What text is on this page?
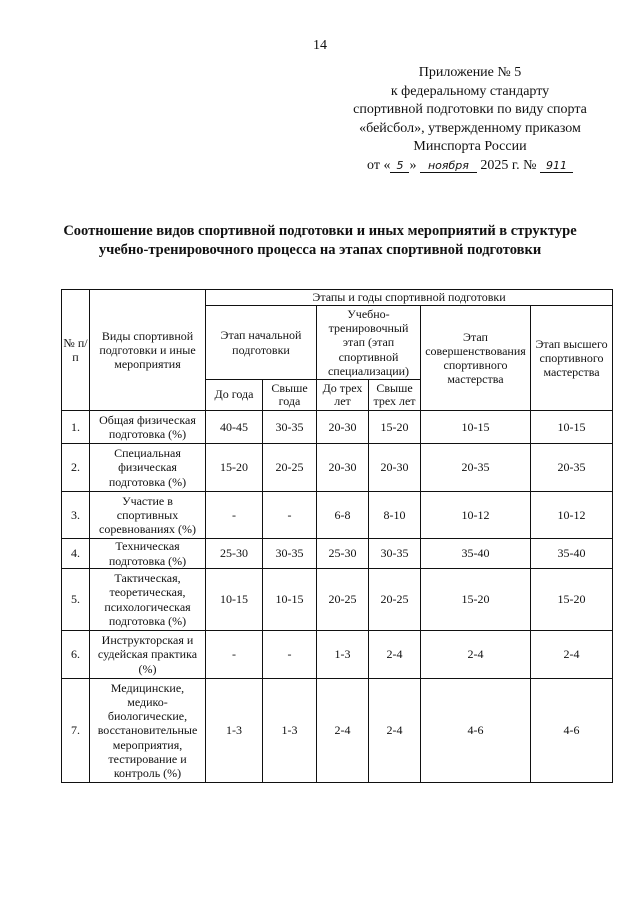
14
Приложение № 5
к федеральному стандарту
спортивной подготовки по виду спорта
«бейсбол», утвержденному приказом
Минспорта России
от « 5 » ноября 2025 г. № 911
Соотношение видов спортивной подготовки и иных мероприятий в структуре учебно-тренировочного процесса на этапах спортивной подготовки
№ п/п	Виды спортивной подготовки и иные мероприятия	Этапы и годы спортивной подготовки					
		Этап начальной подготовки		Учебно-тренировочный этап (этап спортивной специализации)		Этап совершенствования спортивного мастерства	Этап высшего спортивного мастерства
		До года	Свыше года	До трех лет	Свыше трех лет		
1.	Общая физическая подготовка (%)	40-45	30-35	20-30	15-20	10-15	10-15
2.	Специальная физическая подготовка (%)	15-20	20-25	20-30	20-30	20-35	20-35
3.	Участие в спортивных соревнованиях (%)	-	-	6-8	8-10	10-12	10-12
4.	Техническая подготовка (%)	25-30	30-35	25-30	30-35	35-40	35-40
5.	Тактическая, теоретическая, психологическая подготовка (%)	10-15	10-15	20-25	20-25	15-20	15-20
6.	Инструкторская и судейская практика (%)	-	-	1-3	2-4	2-4	2-4
7.	Медицинские, медико-биологические, восстановительные мероприятия, тестирование и контроль (%)	1-3	1-3	2-4	2-4	4-6	4-6
